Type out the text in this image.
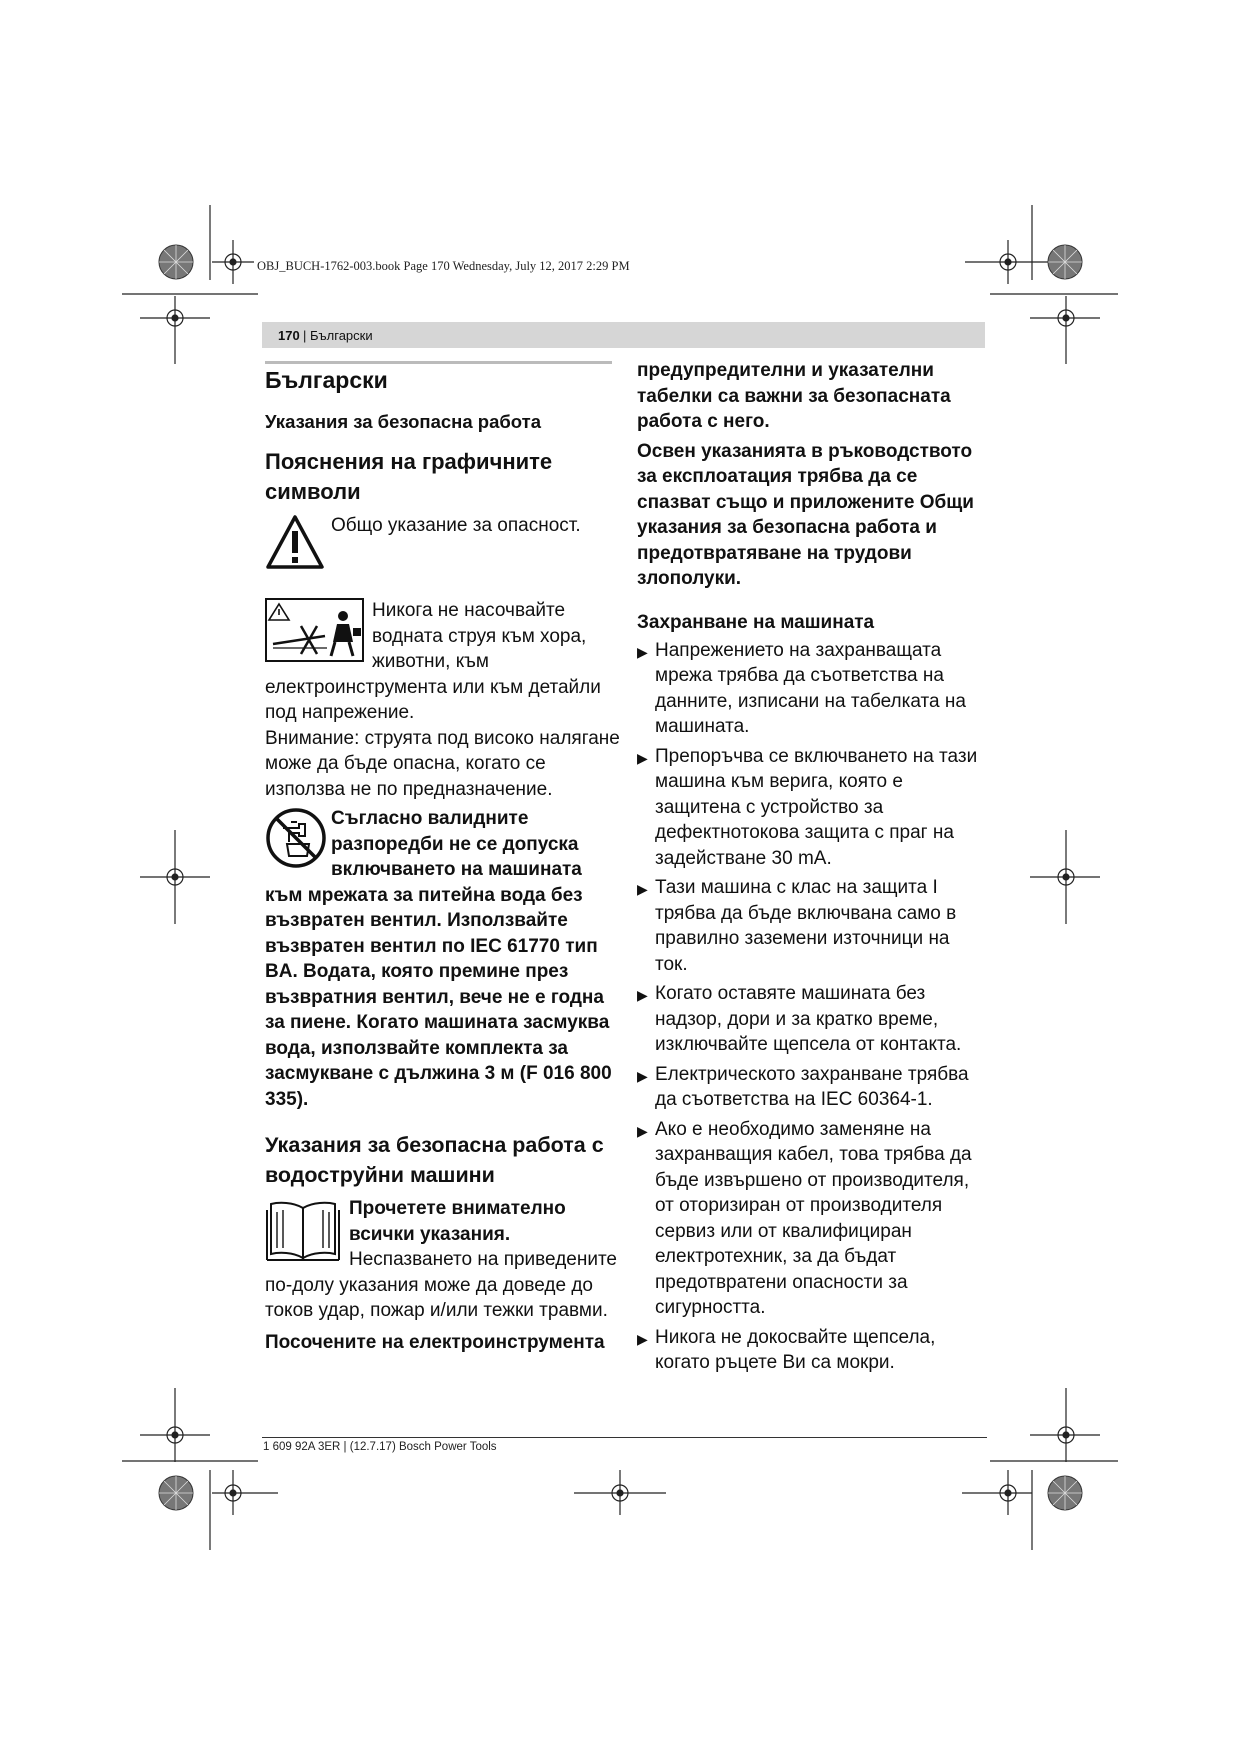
OBJ_BUCH-1762-003.book Page 170 Wednesday, July 12, 2017 2:29 PM
170 | Български

Български

Указания за безопасна работа

Пояснения на графичните символи

Общо указание за опасност.
Никога не насочвайте водната струя към хора, животни, към електроинструмента или към детайли под напрежение.
Внимание: струята под високо налягане може да бъде опасна, когато се използва не по предназначение.
Съгласно валидните разпоредби не се допуска включването на машината към мрежата за питейна вода без възвратен вентил. Използвайте възвратен вентил по IEC 61770 тип BA. Водата, която премине през възвратния вентил, вече не е годна за пиене. Когато машината засмуква вода, използвайте комплекта за засмукване с дължина 3 м (F 016 800 335).

Указания за безопасна работа с водоструйни машини

Прочетете внимателно всички указания.
Неспазването на приведените по-долу указания може да доведе до токов удар, пожар и/или тежки травми.

Посочените на електроинструмента

предупредителни и указателни табелки са важни за безопасната работа с него.

Освен указанията в ръководството за експлоатация трябва да се спазват също и приложените Общи указания за безопасна работа и предотвратяване на трудови злополуки.

Захранване на машината

▶ Напрежението на захранващата мрежа трябва да съответства на данните, изписани на табелката на машината.
▶ Препоръчва се включването на тази машина към верига, която е защитена с устройство за дефектнотокова защита с праг на задействане 30 mA.
▶ Тази машина с клас на защита I трябва да бъде включвана само в правилно заземени източници на ток.
▶ Когато оставяте машината без надзор, дори и за кратко време, изключвайте щепсела от контакта.
▶ Електрическото захранване трябва да съответства на IEC 60364-1.
▶ Ако е необходимо заменяне на захранващия кабел, това трябва да бъде извършено от производителя, от оторизиран от производителя сервиз или от квалифициран електротехник, за да бъдат предотвратени опасности за сигурността.
▶ Никога не докосвайте щепсела, когато ръцете Ви са мокри.
1 609 92A 3ER | (12.7.17) Bosch Power Tools
